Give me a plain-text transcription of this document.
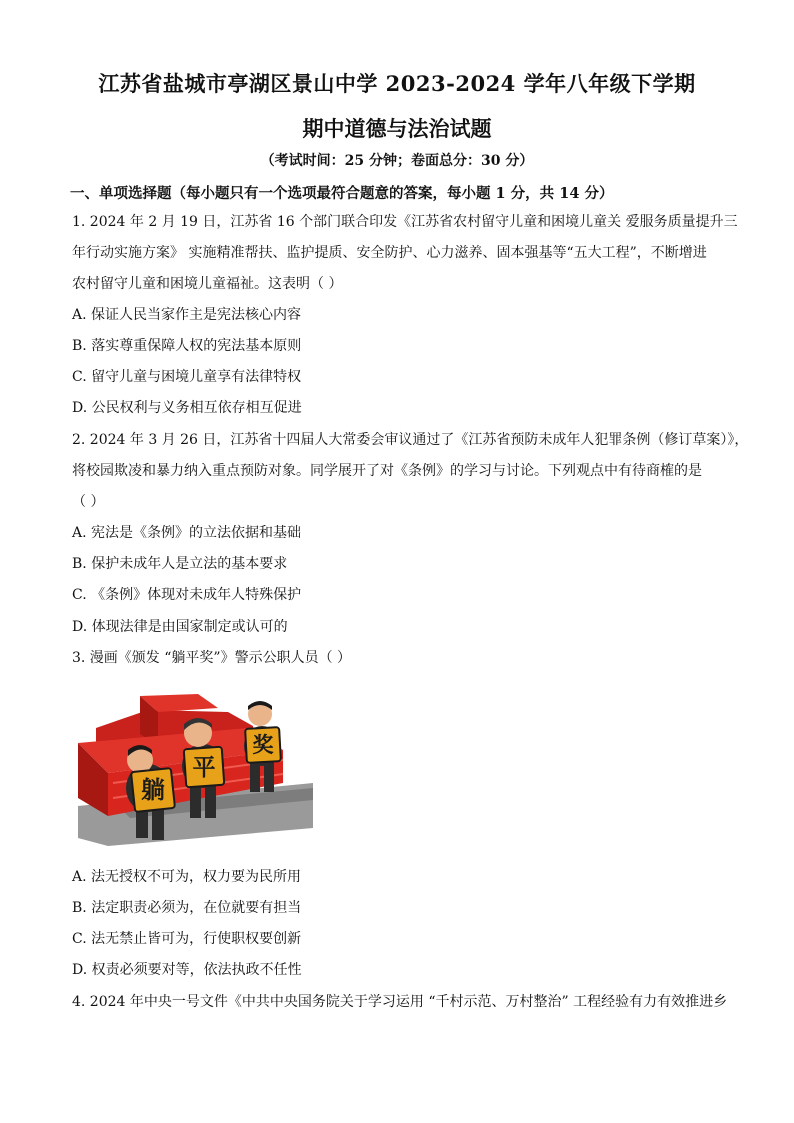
江苏省盐城市亭湖区景山中学 2023-2024 学年八年级下学期
期中道德与法治试题
（考试时间：25 分钟；卷面总分：30 分）
一、单项选择题（每小题只有一个选项最符合题意的答案，每小题 1 分，共 14 分）
1. 2024 年 2 月 19 日，江苏省 16 个部门联合印发《江苏省农村留守儿童和困境儿童关 爱服务质量提升三
年行动实施方案》 实施精准帮扶、监护提质、安全防护、心力滋养、固本强基等“五大工程”，不断增进
农村留守儿童和困境儿童福祉。这表明（ ）
A. 保证人民当家作主是宪法核心内容
B. 落实尊重保障人权的宪法基本原则
C. 留守儿童与困境儿童享有法律特权
D. 公民权利与义务相互依存相互促进
2. 2024 年 3 月 26 日，江苏省十四届人大常委会审议通过了《江苏省预防未成年人犯罪条例（修订草案）》，
将校园欺凌和暴力纳入重点预防对象。同学展开了对《条例》的学习与讨论。下列观点中有待商榷的是
（ ）
A. 宪法是《条例》的立法依据和基础
B. 保护未成年人是立法的基本要求
C. 《条例》体现对未成年人特殊保护
D. 体现法律是由国家制定或认可的
3. 漫画《颁发 “躺平奖”》警示公职人员（ ）
躺
平
奖
A. 法无授权不可为，权力要为民所用
B. 法定职责必须为，在位就要有担当
C. 法无禁止皆可为，行使职权要创新
D. 权责必须要对等，依法执政不任性
4. 2024 年中央一号文件《中共中央国务院关于学习运用 “千村示范、万村整治” 工程经验有力有效推进乡
